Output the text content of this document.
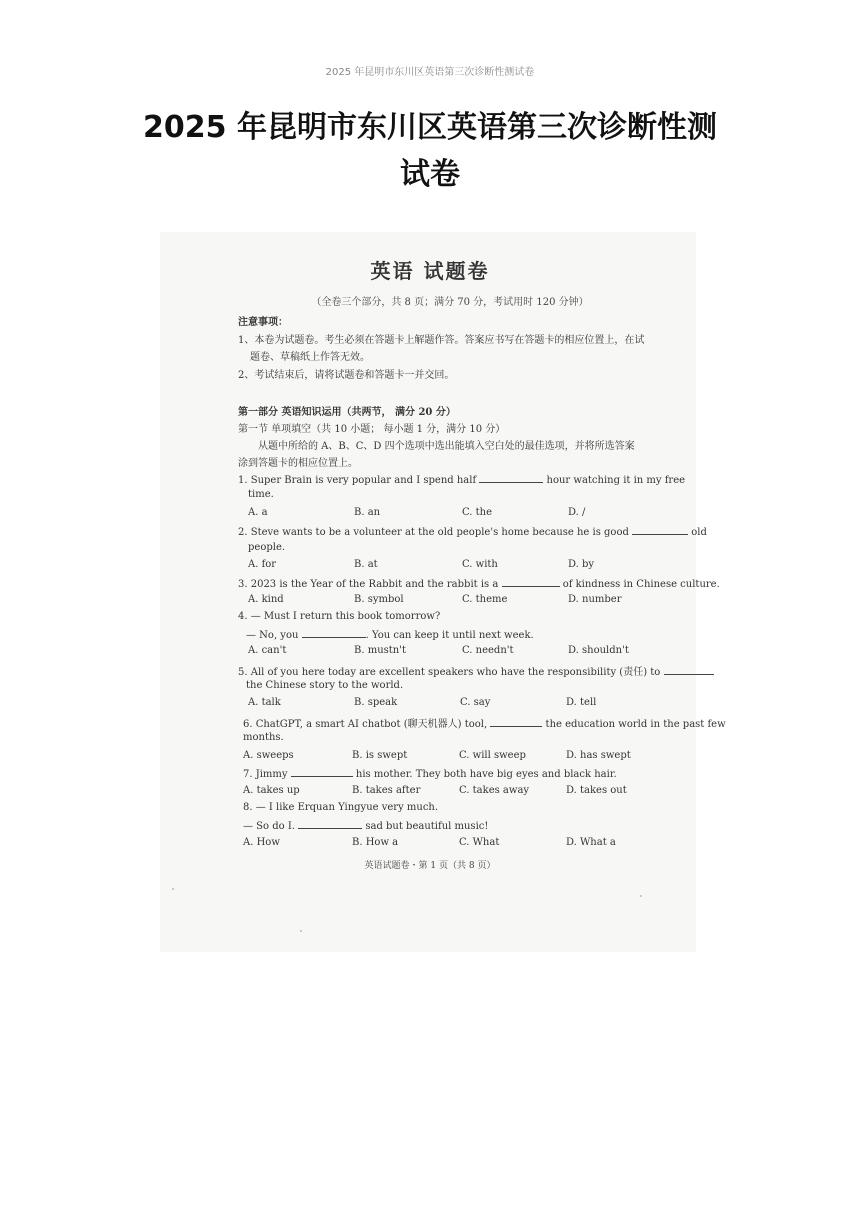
2025 年昆明市东川区英语第三次诊断性测试卷
2025 年昆明市东川区英语第三次诊断性测
试卷
英语 试题卷
（全卷三个部分，共 8 页；满分 70 分，考试用时 120 分钟）
注意事项：
1、本卷为试题卷。考生必须在答题卡上解题作答。答案应书写在答题卡的相应位置上，在试
题卷、草稿纸上作答无效。
2、考试结束后，请将试题卷和答题卡一并交回。
第一部分 英语知识运用（共两节， 满分 20 分）
第一节 单项填空（共 10 小题； 每小题 1 分，满分 10 分）
从题中所给的 A、B、C、D 四个选项中选出能填入空白处的最佳选项，并将所选答案
涂到答题卡的相应位置上。
1. Super Brain is very popular and I spend half	hour watching it in my free
time.
A. a	B. an	C. the	D. /
2. Steve wants to be a volunteer at the old people's home because he is good	old
people.
A. for	B. at	C. with	D. by
3. 2023 is the Year of the Rabbit and the rabbit is a	of kindness in Chinese culture.
A. kind	B. symbol	C. theme	D. number
4. — Must I return this book tomorrow?
— No, you	. You can keep it until next week.
A. can't	B. mustn't	C. needn't	D. shouldn't
5. All of you here today are excellent speakers who have the responsibility (责任) to
the Chinese story to the world.
A. talk	B. speak	C. say	D. tell
6. ChatGPT, a smart AI chatbot (聊天机器人) tool,	the education world in the past few
months.
A. sweeps	B. is swept	C. will sweep	D. has swept
7. Jimmy	his mother. They both have big eyes and black hair.
A. takes up	B. takes after	C. takes away	D. takes out
8. — I like Erquan Yingyue very much.
— So do I.	sad but beautiful music!
A. How	B. How a	C. What	D. What a
英语试题卷・第 1 页（共 8 页）
